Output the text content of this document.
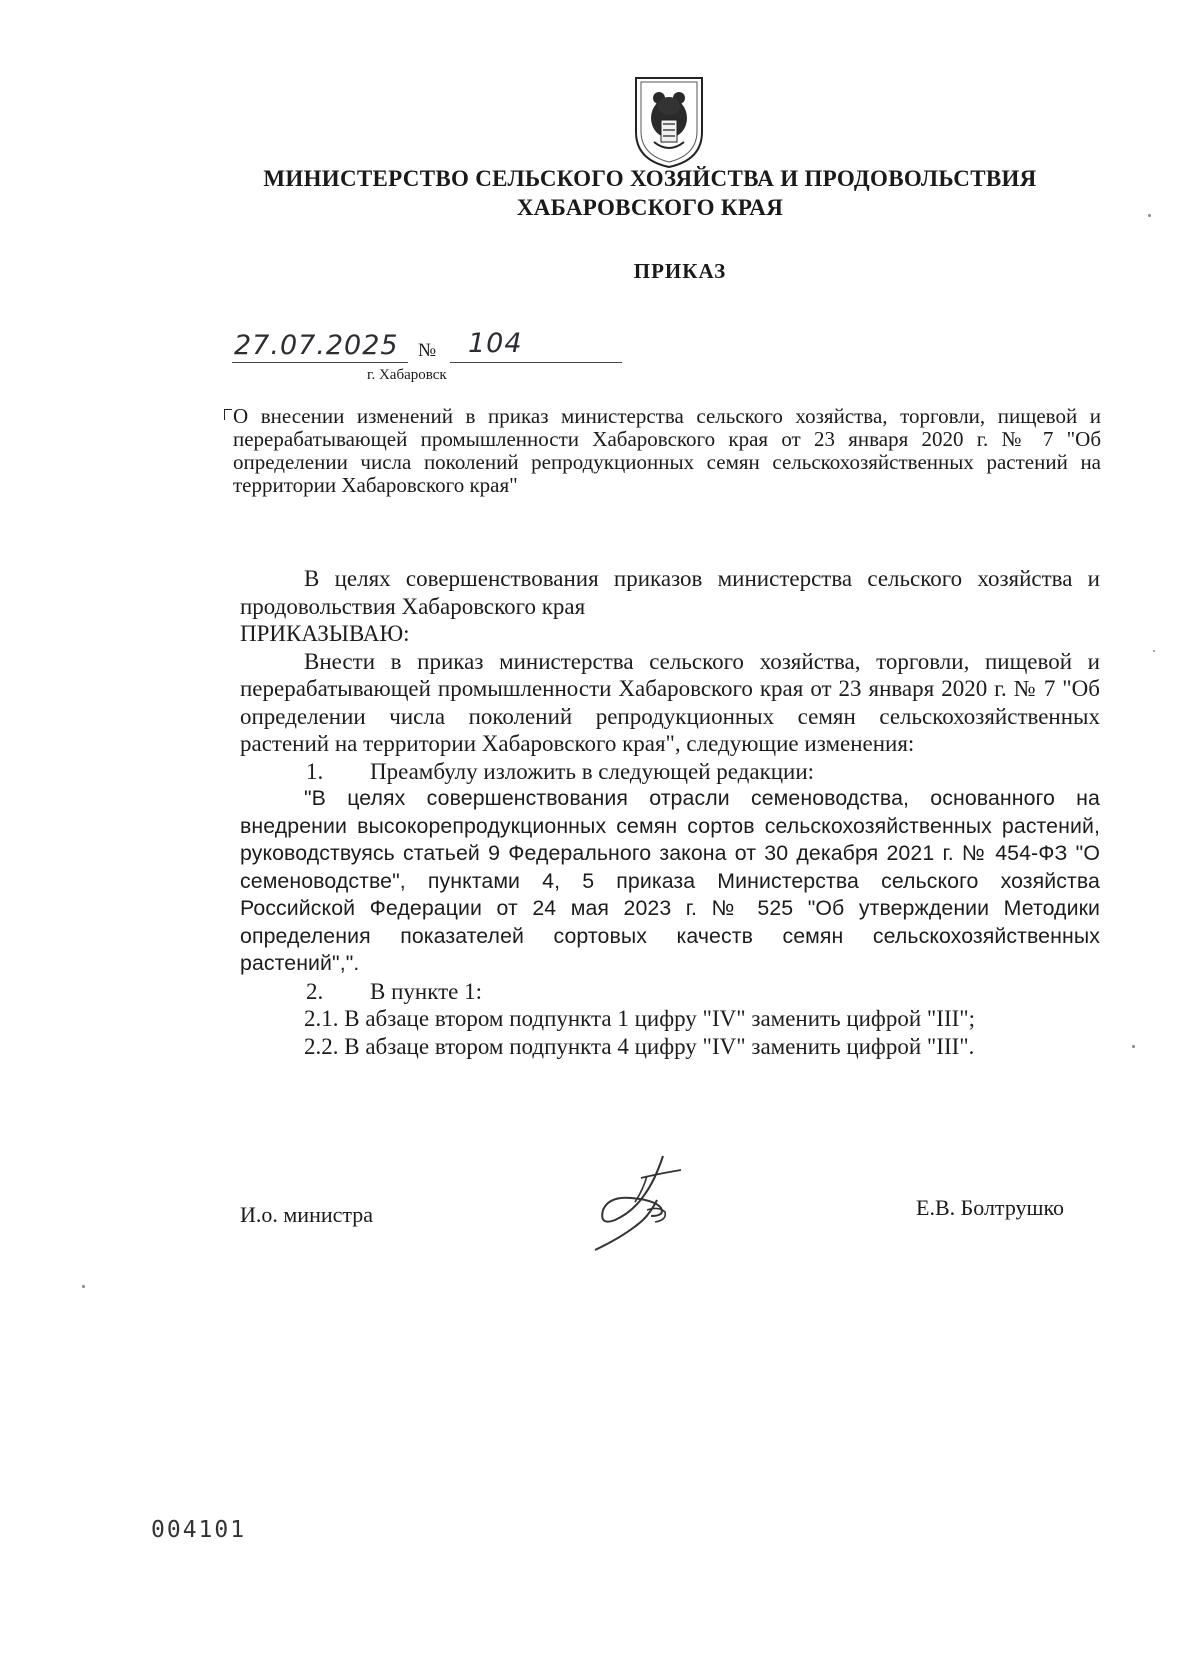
МИНИСТЕРСТВО СЕЛЬСКОГО ХОЗЯЙСТВА И ПРОДОВОЛЬСТВИЯ
ХАБАРОВСКОГО КРАЯ
ПРИКАЗ
27.07.2025 № 104
г. Хабаровск
О внесении изменений в приказ министерства сельского хозяйства, торговли, пищевой и перерабатывающей промышленности Хабаровского края от 23 января 2020 г. № 7 "Об определении числа поколений репродукционных семян сельскохозяйственных растений на территории Хабаровского края"

В целях совершенствования приказов министерства сельского хозяйства и продовольствия Хабаровского края

ПРИКАЗЫВАЮ:

Внести в приказ министерства сельского хозяйства, торговли, пищевой и перерабатывающей промышленности Хабаровского края от 23 января 2020 г. № 7 "Об определении числа поколений репродукционных семян сельскохозяйственных растений на территории Хабаровского края", следующие изменения:

1. Преамбулу изложить в следующей редакции:

"В целях совершенствования отрасли семеноводства, основанного на внедрении высокорепродукционных семян сортов сельскохозяйственных растений, руководствуясь статьей 9 Федерального закона от 30 декабря 2021 г. № 454-ФЗ "О семеноводстве", пунктами 4, 5 приказа Министерства сельского хозяйства Российской Федерации от 24 мая 2023 г. № 525 "Об утверждении Методики определения показателей сортовых качеств семян сельскохозяйственных растений",".

2. В пункте 1:

2.1. В абзаце втором подпункта 1 цифру "IV" заменить цифрой "III";

2.2. В абзаце втором подпункта 4 цифру "IV" заменить цифрой "III".

И.о. министра	Е.В. Болтрушко
004101
